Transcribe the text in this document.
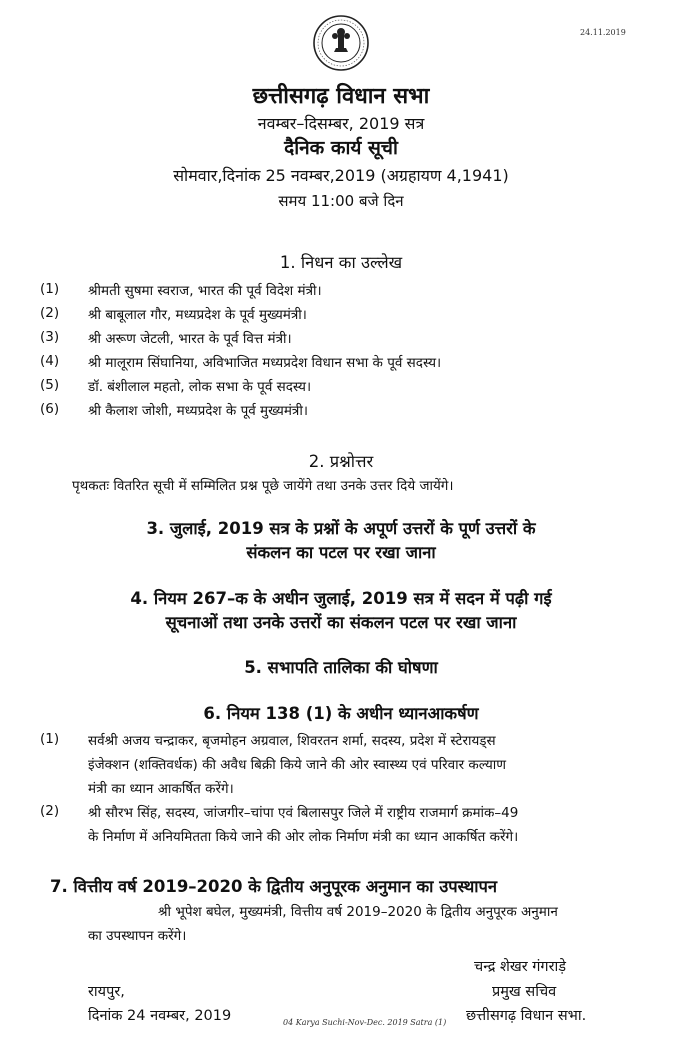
24.11.2019
छत्तीसगढ़ विधान सभा
नवम्बर–दिसम्बर, 2019 सत्र
दैनिक कार्य सूची
सोमवार,दिनांक 25 नवम्बर,2019 (अग्रहायण 4,1941)
समय 11:00 बजे दिन
1. निधन का उल्लेख
(1) श्रीमती सुषमा स्वराज, भारत की पूर्व विदेश मंत्री।
(2) श्री बाबूलाल गौर, मध्यप्रदेश के पूर्व मुख्यमंत्री।
(3) श्री अरूण जेटली, भारत के पूर्व वित्त मंत्री।
(4) श्री मालूराम सिंघानिया, अविभाजित मध्यप्रदेश विधान सभा के पूर्व सदस्य।
(5) डॉ. बंशीलाल महतो, लोक सभा के पूर्व सदस्य।
(6) श्री कैलाश जोशी, मध्यप्रदेश के पूर्व मुख्यमंत्री।
2. प्रश्नोत्तर
पृथकतः वितरित सूची में सम्मिलित प्रश्न पूछे जायेंगे तथा उनके उत्तर दिये जायेंगे।
3. जुलाई, 2019 सत्र के प्रश्नों के अपूर्ण उत्तरों के पूर्ण उत्तरों के
संकलन का पटल पर रखा जाना
4. नियम 267–क के अधीन जुलाई, 2019 सत्र में सदन में पढ़ी गई
सूचनाओं तथा उनके उत्तरों का संकलन पटल पर रखा जाना
5. सभापति तालिका की घोषणा
6. नियम 138 (1) के अधीन ध्यानआकर्षण
(1) सर्वश्री अजय चन्द्राकर, बृजमोहन अग्रवाल, शिवरतन शर्मा, सदस्य, प्रदेश में स्टेरायड्स
इंजेक्शन (शक्तिवर्धक) की अवैध बिक्री किये जाने की ओर स्वास्थ्य एवं परिवार कल्याण
मंत्री का ध्यान आकर्षित करेंगे।
(2) श्री सौरभ सिंह, सदस्य, जांजगीर–चांपा एवं बिलासपुर जिले में राष्ट्रीय राजमार्ग क्रमांक–49
के निर्माण में अनियमितता किये जाने की ओर लोक निर्माण मंत्री का ध्यान आकर्षित करेंगे।
7. वित्तीय वर्ष 2019–2020 के द्वितीय अनुपूरक अनुमान का उपस्थापन
श्री भूपेश बघेल, मुख्यमंत्री, वित्तीय वर्ष 2019–2020 के द्वितीय अनुपूरक अनुमान
का उपस्थापन करेंगे।
चन्द्र शेखर गंगराड़े
प्रमुख सचिव
छत्तीसगढ़ विधान सभा.
रायपुर,
दिनांक 24 नवम्बर, 2019	04 Karya Suchi-Nov-Dec. 2019 Satra (1)
